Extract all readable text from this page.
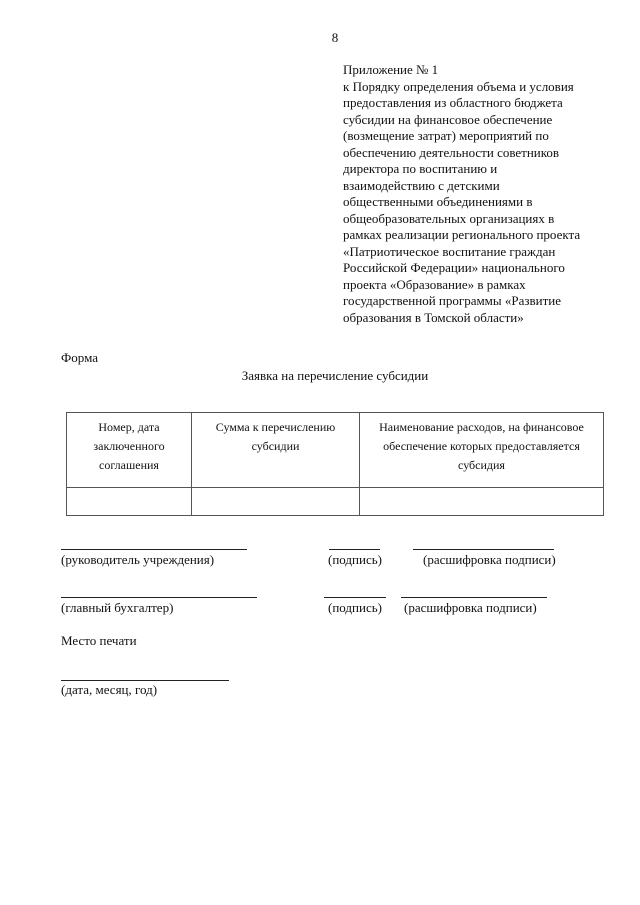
8
Приложение № 1
к Порядку определения объема и условия
предоставления из областного бюджета
субсидии на финансовое обеспечение
(возмещение затрат) мероприятий по
обеспечению деятельности советников
директора по воспитанию и
взаимодействию с детскими
общественными объединениями в
общеобразовательных организациях в
рамках реализации регионального проекта
«Патриотическое воспитание граждан
Российской Федерации» национального
проекта «Образование» в рамках
государственной программы «Развитие
образования в Томской области»
Форма
Заявка на перечисление субсидии
Номер, дата заключенного соглашения	Сумма к перечислению субсидии	Наименование расходов, на финансовое обеспечение которых предоставляется субсидия

(руководитель учреждения)	(подпись)	(расшифровка подписи)
(главный бухгалтер)	(подпись) (расшифровка подписи)
Место печати
(дата, месяц, год)
